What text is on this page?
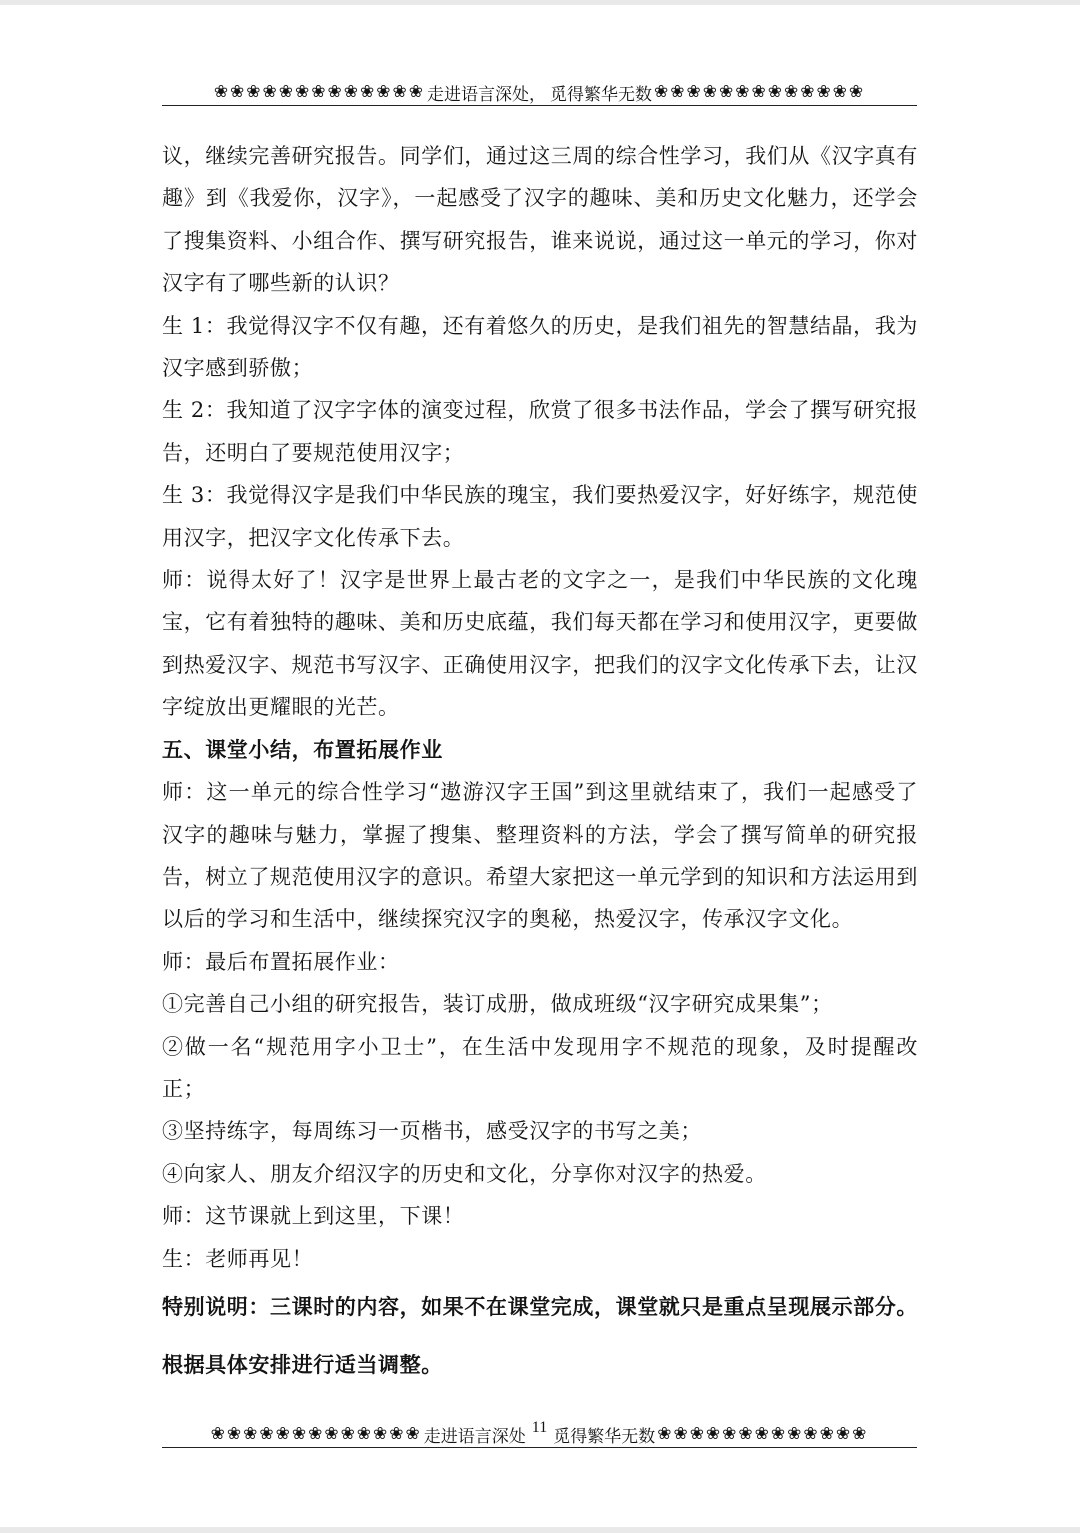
❀❀❀❀❀❀❀❀❀❀❀❀❀ 走进语言深处， 觅得繁华无数 ❀❀❀❀❀❀❀❀❀❀❀❀❀

议，继续完善研究报告。同学们，通过这三周的综合性学习，我们从《汉字真有趣》到《我爱你，汉字》，一起感受了汉字的趣味、美和历史文化魅力，还学会了搜集资料、小组合作、撰写研究报告，谁来说说，通过这一单元的学习，你对汉字有了哪些新的认识？

生 1：我觉得汉字不仅有趣，还有着悠久的历史，是我们祖先的智慧结晶，我为汉字感到骄傲；

生 2：我知道了汉字字体的演变过程，欣赏了很多书法作品，学会了撰写研究报告，还明白了要规范使用汉字；

生 3：我觉得汉字是我们中华民族的瑰宝，我们要热爱汉字，好好练字，规范使用汉字，把汉字文化传承下去。

师：说得太好了！汉字是世界上最古老的文字之一，是我们中华民族的文化瑰宝，它有着独特的趣味、美和历史底蕴，我们每天都在学习和使用汉字，更要做到热爱汉字、规范书写汉字、正确使用汉字，把我们的汉字文化传承下去，让汉字绽放出更耀眼的光芒。

五、课堂小结，布置拓展作业

师：这一单元的综合性学习“遨游汉字王国”到这里就结束了，我们一起感受了汉字的趣味与魅力，掌握了搜集、整理资料的方法，学会了撰写简单的研究报告，树立了规范使用汉字的意识。希望大家把这一单元学到的知识和方法运用到以后的学习和生活中，继续探究汉字的奥秘，热爱汉字，传承汉字文化。

师：最后布置拓展作业：

①完善自己小组的研究报告，装订成册，做成班级“汉字研究成果集”；

②做一名“规范用字小卫士”，在生活中发现用字不规范的现象，及时提醒改正；

③坚持练字，每周练习一页楷书，感受汉字的书写之美；

④向家人、朋友介绍汉字的历史和文化，分享你对汉字的热爱。

师：这节课就上到这里，下课！

生：老师再见！

特别说明：三课时的内容，如果不在课堂完成，课堂就只是重点呈现展示部分。

根据具体安排进行适当调整。

❀❀❀❀❀❀❀❀❀❀❀❀❀ 走进语言深处 11 觅得繁华无数 ❀❀❀❀❀❀❀❀❀❀❀❀❀
